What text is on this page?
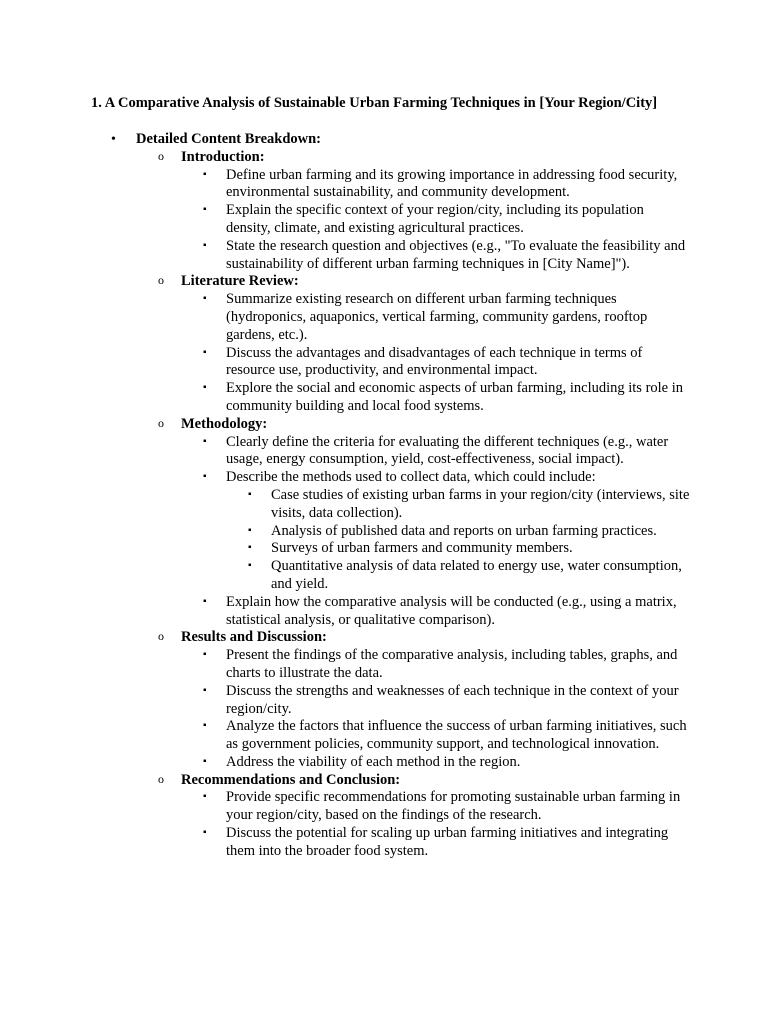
1. A Comparative Analysis of Sustainable Urban Farming Techniques in [Your Region/City]

• Detailed Content Breakdown:
o Introduction:
▪ Define urban farming and its growing importance in addressing food security, environmental sustainability, and community development.
▪ Explain the specific context of your region/city, including its population density, climate, and existing agricultural practices.
▪ State the research question and objectives (e.g., "To evaluate the feasibility and sustainability of different urban farming techniques in [City Name]").
o Literature Review:
▪ Summarize existing research on different urban farming techniques (hydroponics, aquaponics, vertical farming, community gardens, rooftop gardens, etc.).
▪ Discuss the advantages and disadvantages of each technique in terms of resource use, productivity, and environmental impact.
▪ Explore the social and economic aspects of urban farming, including its role in community building and local food systems.
o Methodology:
▪ Clearly define the criteria for evaluating the different techniques (e.g., water usage, energy consumption, yield, cost-effectiveness, social impact).
▪ Describe the methods used to collect data, which could include:
▪ Case studies of existing urban farms in your region/city (interviews, site visits, data collection).
▪ Analysis of published data and reports on urban farming practices.
▪ Surveys of urban farmers and community members.
▪ Quantitative analysis of data related to energy use, water consumption, and yield.
▪ Explain how the comparative analysis will be conducted (e.g., using a matrix, statistical analysis, or qualitative comparison).
o Results and Discussion:
▪ Present the findings of the comparative analysis, including tables, graphs, and charts to illustrate the data.
▪ Discuss the strengths and weaknesses of each technique in the context of your region/city.
▪ Analyze the factors that influence the success of urban farming initiatives, such as government policies, community support, and technological innovation.
▪ Address the viability of each method in the region.
o Recommendations and Conclusion:
▪ Provide specific recommendations for promoting sustainable urban farming in your region/city, based on the findings of the research.
▪ Discuss the potential for scaling up urban farming initiatives and integrating them into the broader food system.
